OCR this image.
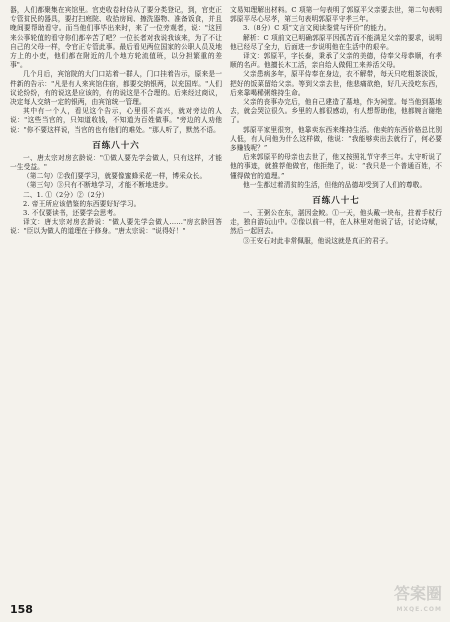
器，人们都聚集在宾馆里。官吏收卷时侍从了要分类登记，到，官吏正专管贫民的器具，要打扫庭院、收拾房间、擦洗器物、准备饭食，并且晚间要帮助看守。而当他们事毕出来时，来了一位旁观者，说："这回来公事轮值的看守你们都辛苦了吧？一位长者对我说我该来，为了不让自己的父母一样，令官正专管此事。最后看见两位国家的公职人员及地方上的小吏，他们都在附近的几个地方轮流值班，以分担繁重的差事"。

几个月后，宾馆院的大门口站着一群人，门口挂着告示，原来是一件新的告示："凡是有人来宾馆住宿，都要交纳银两，以充国库。"人们议论纷纷，有的说这是应该的，有的说这是不合理的。后来经过商议，决定每人交纳一定的银两，由宾馆统一管理。

其中有一个人，看见这个告示，心里很不高兴，就对旁边的人说："这些当官的，只知道收钱，不知道为百姓做事。"旁边的人劝他说："你不要这样说，当官的也有他们的难处。"那人听了，默然不语。

百练八十六

一、唐太宗对房玄龄说："①做人要先学会做人，只有这样，才能一生受益。"

（第二句）②我们要学习，就要像蜜蜂采花一样，博采众长。

（第三句）③只有不断地学习，才能不断地进步。

二、1. ①（2分）②（2分）

2. 帝王所应该借鉴的东西要好好学习。

3. 不仅要读书，还要学会思考。

译文：唐太宗对房玄龄说："做人要先学会做人……"房玄龄回答说："臣以为做人的道理在于修身。"唐太宗说："说得好！"

文易知理解出材料。C 项第一句表明了郭原平父亲要去世，第二句表明郭原平尽心尽孝，第三句表明郭原平守孝三年。

3.（8分）C 项“文言文阅读鉴赏与评价”的能力。

解析：C 项前文已明确郭原平因孤苦而不能满足父亲的要求，说明他已经尽了全力，后面进一步说明他在生活中的艰辛。

译文：郭原平，字长泰，秉承了父亲的美德，侍奉父母恭顺，有孝顺的名声。他擅长木工活，亲自给人做佣工来养活父母。

父亲患病多年，原平侍奉在身边，衣不解带，每天只吃粗茶淡饭，把好的饭菜留给父亲。等到父亲去世，他悲痛欲绝，好几天没吃东西，后来靠喝稀粥维持生命。

父亲的丧事办完后，他自己建造了墓地，作为祠堂。每当他到墓地去，就会哭泣很久。乡里的人都很感动，有人想帮助他，他都婉言谢绝了。

郭原平家里很穷，他靠卖东西来维持生活。他卖的东西价格总比别人低，有人问他为什么这样做，他说：“我能够卖出去就行了，何必要多赚钱呢？”

后来郭原平的母亲也去世了，他又按照礼节守孝三年。太守听说了他的事迹，就推荐他做官，他拒绝了，说：“我只是一个普通百姓，不懂得做官的道理。”

他一生都过着清贫的生活，但他的品德却受到了人们的尊敬。

百练八十七

一、王粥公在东，湛因金鲛。①一天，他头戴一块布，拄着手杖行走，独自游玩山中。②像以前一样，在人林里对他说了话，讨论诗赋，然后一起回去。

③王安石对此非常佩服，他说这就是真正的君子。

158
答案圈
MXQE.COM
